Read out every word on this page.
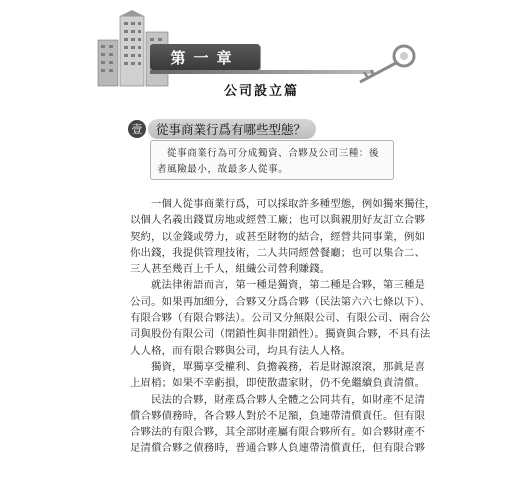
第一章
公司設立篇
壹	從事商業行爲有哪些型態？
從事商業行為可分成獨資、合夥及公司三種：後
者風險最小，故最多人從事。
一個人從事商業行爲，可以採取許多種型態，例如獨來獨往，
以個人名義出錢買房地或經營工廠；也可以與親朋好友訂立合夥
契約，以金錢或勞力，或甚至財物的結合，經營共同事業，例如
你出錢，我提供管理技術，二人共同經營餐廳；也可以集合二、
三人甚至幾百上千人，組織公司營利賺錢。
就法律術語而言，第一種是獨資，第二種是合夥，第三種是
公司。如果再加細分，合夥又分爲合夥（民法第六六七條以下）、
有限合夥（有限合夥法）。公司又分無限公司、有限公司、兩合公
司與股份有限公司（閉鎖性與非閉鎖性）。獨資與合夥，不具有法
人人格，而有限合夥與公司，均具有法人人格。
獨資，單獨享受權利、負擔義務，若是財源滾滾，那眞是喜
上眉梢；如果不幸虧損，即使散盡家財，仍不免繼續負責清償。
民法的合夥，財產爲合夥人全體之公同共有，如財產不足清
償合夥債務時，各合夥人對於不足額，負連帶清償責任。但有限
合夥法的有限合夥，其全部財產屬有限合夥所有。如合夥財產不
足清償合夥之債務時，普通合夥人負連帶清償責任，但有限合夥
